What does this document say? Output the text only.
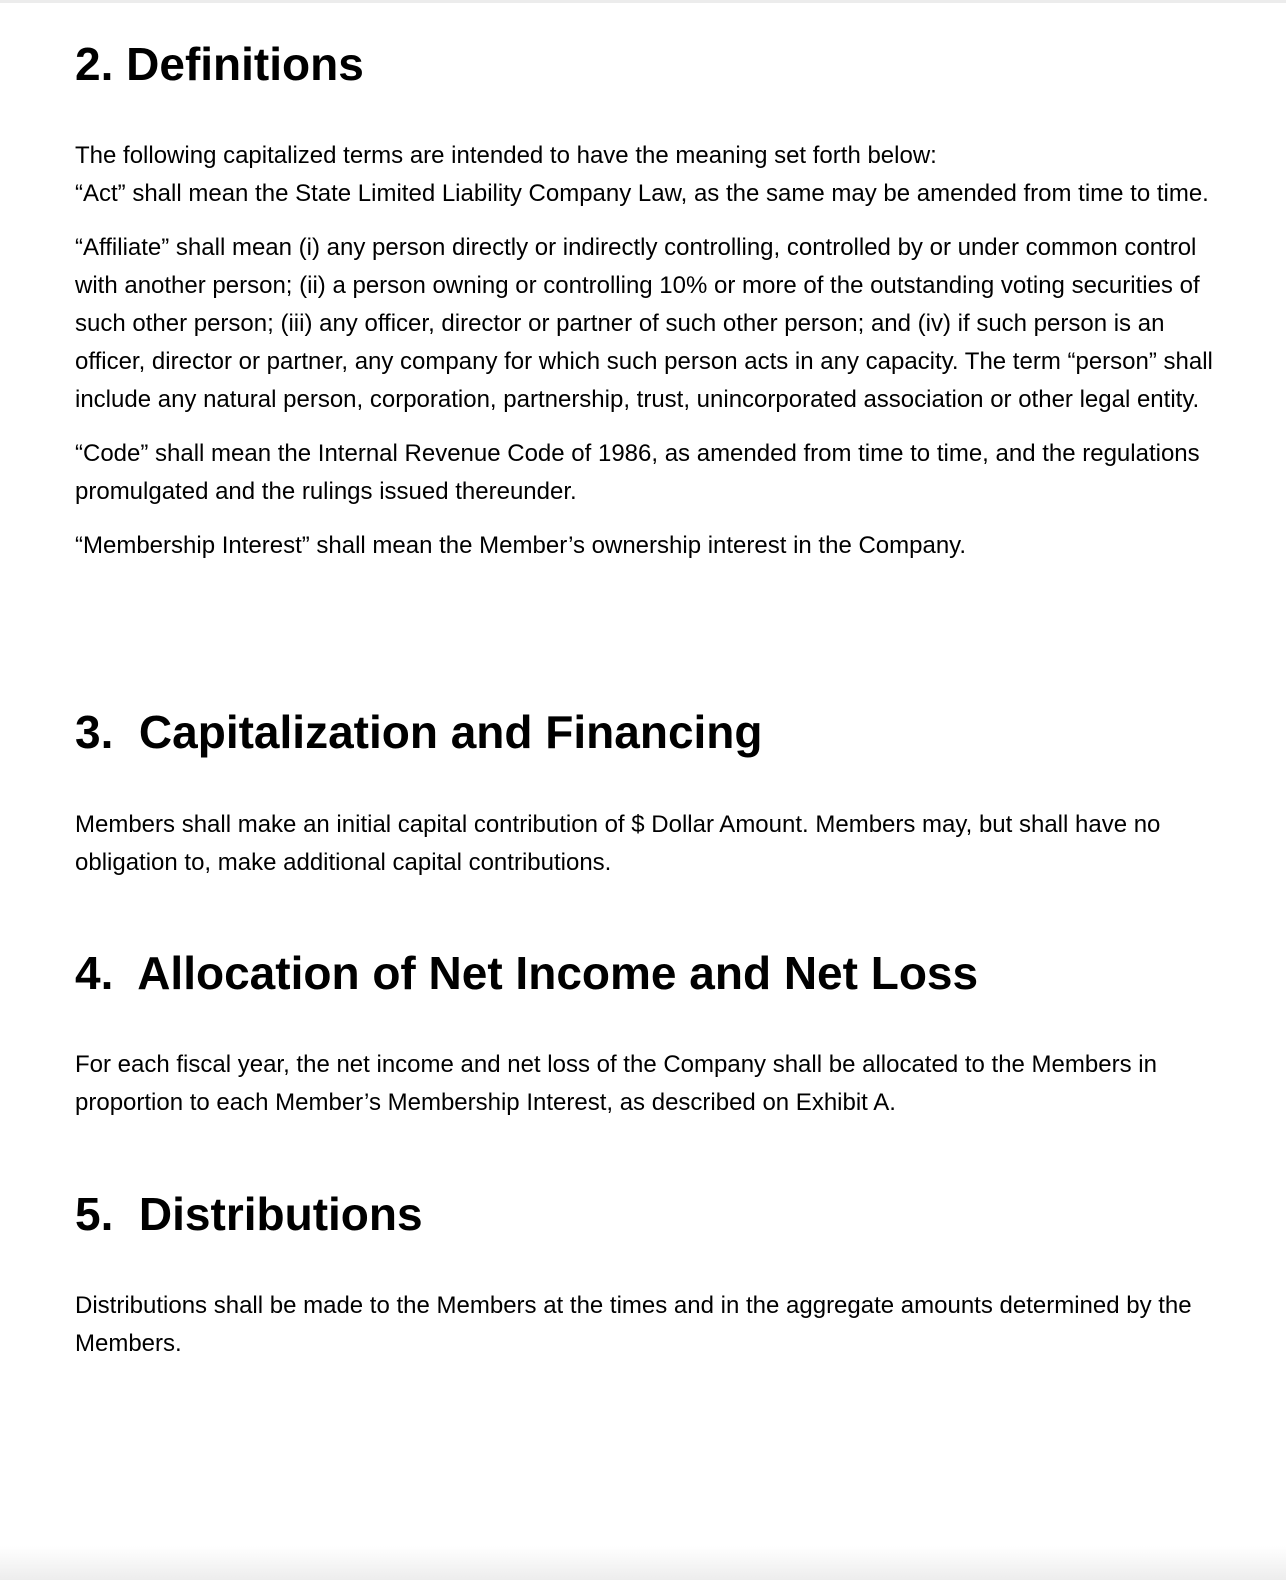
2. Definitions

The following capitalized terms are intended to have the meaning set forth below:
“Act” shall mean the State Limited Liability Company Law, as the same may be amended from time to time.

“Affiliate” shall mean (i) any person directly or indirectly controlling, controlled by or under common control with another person; (ii) a person owning or controlling 10% or more of the outstanding voting securities of such other person; (iii) any officer, director or partner of such other person; and (iv) if such person is an officer, director or partner, any company for which such person acts in any capacity. The term “person” shall include any natural person, corporation, partnership, trust, unincorporated association or other legal entity.

“Code” shall mean the Internal Revenue Code of 1986, as amended from time to time, and the regulations promulgated and the rulings issued thereunder.

“Membership Interest” shall mean the Member’s ownership interest in the Company.

3.  Capitalization and Financing

Members shall make an initial capital contribution of $ Dollar Amount. Members may, but shall have no obligation to, make additional capital contributions.

4.  Allocation of Net Income and Net Loss

For each fiscal year, the net income and net loss of the Company shall be allocated to the Members in proportion to each Member’s Membership Interest, as described on Exhibit A.

5.  Distributions

Distributions shall be made to the Members at the times and in the aggregate amounts determined by the Members.
